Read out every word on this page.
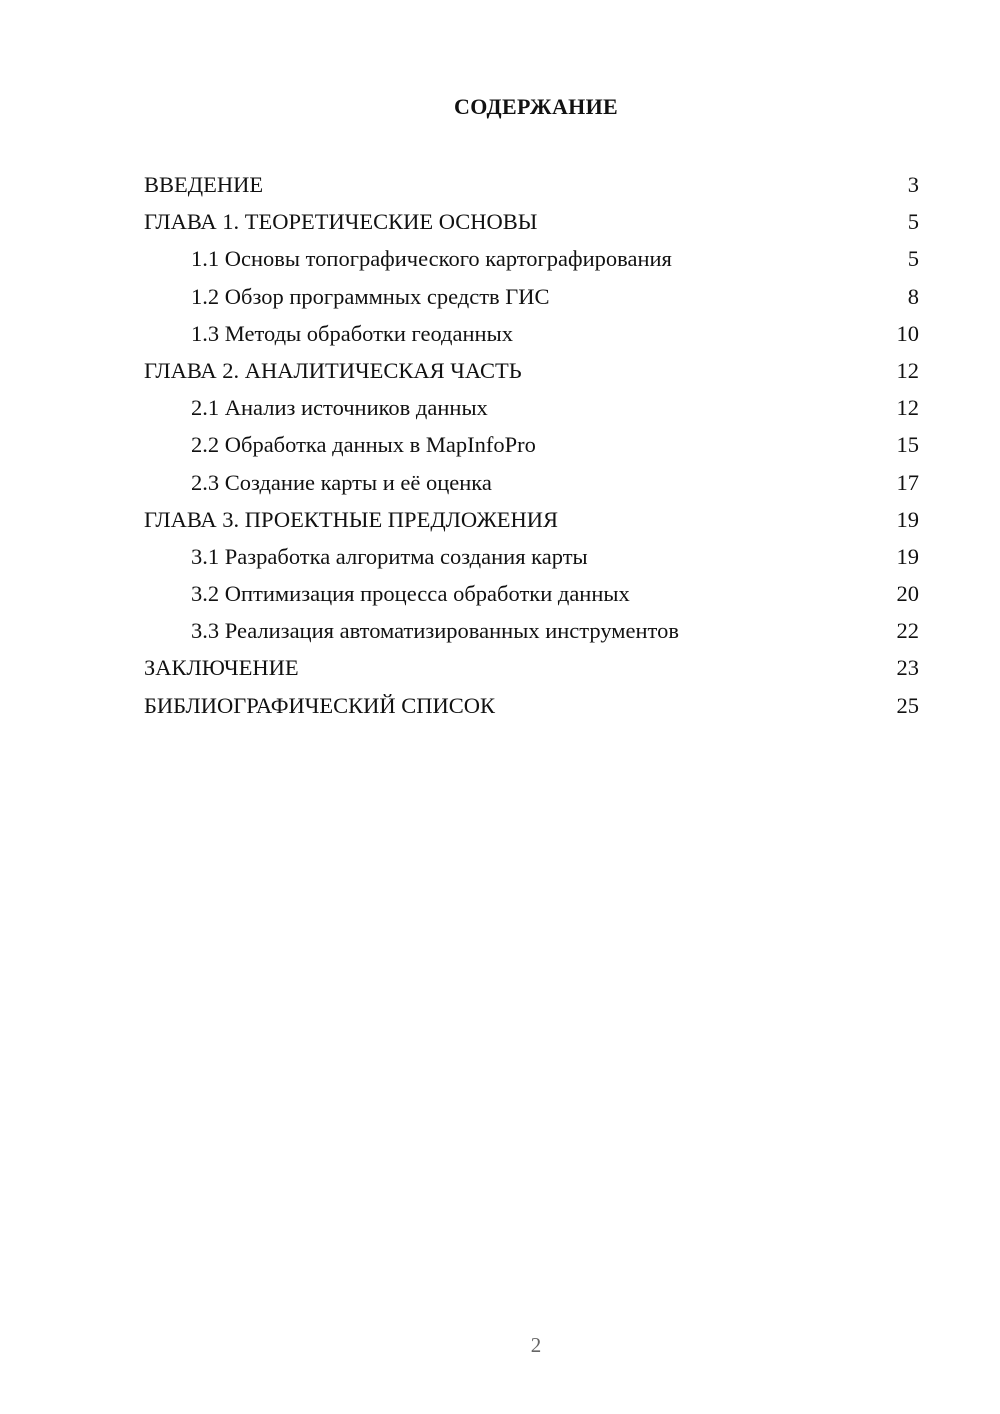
СОДЕРЖАНИЕ
ВВЕДЕНИЕ	3
ГЛАВА 1. ТЕОРЕТИЧЕСКИЕ ОСНОВЫ	5
1.1 Основы топографического картографирования	5
1.2 Обзор программных средств ГИС	8
1.3 Методы обработки геоданных	10
ГЛАВА 2. АНАЛИТИЧЕСКАЯ ЧАСТЬ	12
2.1 Анализ источников данных	12
2.2 Обработка данных в MapInfoPro	15
2.3 Создание карты и её оценка	17
ГЛАВА 3. ПРОЕКТНЫЕ ПРЕДЛОЖЕНИЯ	19
3.1 Разработка алгоритма создания карты	19
3.2 Оптимизация процесса обработки данных	20
3.3 Реализация автоматизированных инструментов	22
ЗАКЛЮЧЕНИЕ	23
БИБЛИОГРАФИЧЕСКИЙ СПИСОК	25
2
